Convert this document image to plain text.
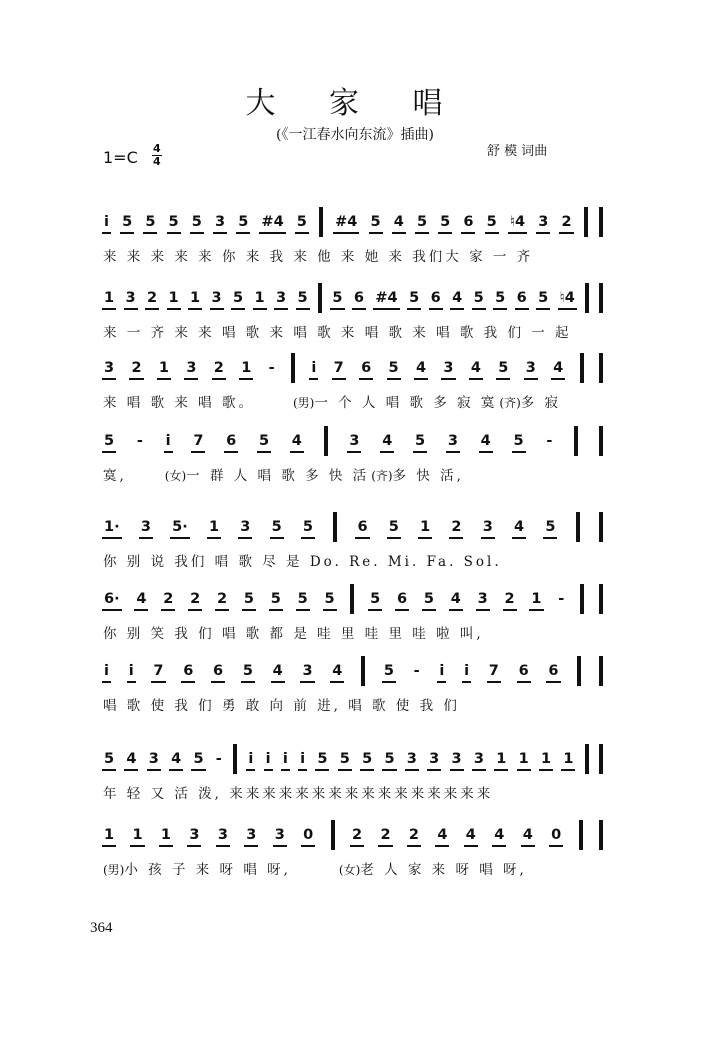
大 家 唱
(《一江春水向东流》插曲)
1=C 4
4
舒 模 词曲
i̇ 5 5 5 5 3 5 #4 5 #4 5 4 5 5 6 5 ♮4 3 2
来 来 来 来 来 你 来 我 来 他 来 她 来 我们大 家 一 齐
1 3 2 1 1 3 5 1 3 5 5 6 #4 5 6 4 5 5 6 5 ♮4
来 一 齐 来 来 唱 歌 来 唱 歌 来 唱 歌 来 唱 歌 我 们 一 起
3 2 1 3 2 1 -	i̇ 7 6 5 4 3 4 5 3 4
来 唱 歌 来 唱 歌。	(男)一 个 人 唱 歌 多 寂 寞 (齐)多 寂
5 - i̇ 7 6 5 4	3 4 5 3 4 5 -
寞,	(女)一 群 人 唱 歌 多 快 活 (齐)多 快 活,
1· 3 5· 1 3 5 5	6 5 1 2 3 4 5
你 别 说 我们 唱 歌 尽 是 Do. Re. Mi. Fa. Sol.
6· 4 2 2 2 5 5 5 5 5 6 5 4 3 2 1 -
你 别 笑 我 们 唱 歌 都 是 哇 里 哇 里 哇 啦 叫,
i̇ i̇ 7 6 6 5 4 3 4	5 - i̇ i̇ 7 6 6
唱 歌 使 我 们 勇 敢 向 前 进, 唱 歌 使 我 们
5 4 3 4 5 - i̇ i̇ i̇ i̇ 5 5 5 5 3 3 3 3 1 1 1 1
年 轻 又 活 泼, 来来来来来来来来来来来来来来来来
1 1 1 3 3 3 3 0	2 2 2 4 4 4 4 0
(男)小 孩 子 来 呀 唱 呀,	(女)老 人 家 来 呀 唱 呀,
364
